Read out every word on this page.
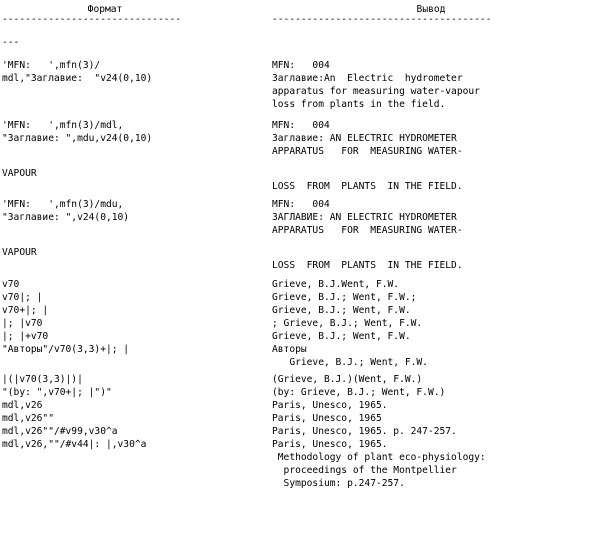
Формат	Вывод
-------------------------------	--------------------------------------
---
'MFN:   ',mfn(3)/
mdl,"Заглавие:  "v24(0,10)
'MFN:   ',mfn(3)/mdl,
"Заглавие: ",mdu,v24(0,10)
VAPOUR
'MFN:   ',mfn(3)/mdu,
"Заглавие: ",v24(0,10)
VAPOUR
v70
v70|; |
v70+|; |
|; |v70
|; |+v70
"Авторы"/v70(3,3)+|; |
|(|v70(3,3)|)|
"(by: ",v70+|; |")"
mdl,v26
mdl,v26""
mdl,v26""/#v99,v30^a
mdl,v26,""/#v44|: |,v30^a
MFN:   004
Заглавие:An  Electric  hydrometer
apparatus for measuring water-vapour
loss from plants in the field.
MFN:   004
Заглавие: AN ELECTRIC HYDROMETER
APPARATUS   FOR  MEASURING WATER-
LOSS  FROM  PLANTS  IN THE FIELD.
MFN:   004
ЗАГЛАВИЕ: AN ELECTRIC HYDROMETER
APPARATUS   FOR  MEASURING WATER-
LOSS  FROM  PLANTS  IN THE FIELD.
Grieve, B.J.Went, F.W.
Grieve, B.J.; Went, F.W.;
Grieve, B.J.; Went, F.W.
; Grieve, B.J.; Went, F.W.
Grieve, B.J.; Went, F.W.
Авторы
Grieve, B.J.; Went, F.W.
(Grieve, B.J.)(Went, F.W.)
(by: Grieve, B.J.; Went, F.W.)
Paris, Unesco, 1965.
Paris, Unesco, 1965
Paris, Unesco, 1965. p. 247-257.
Paris, Unesco, 1965.
Methodology of plant eco-physiology:
proceedings of the Montpellier
Symposium: p.247-257.
